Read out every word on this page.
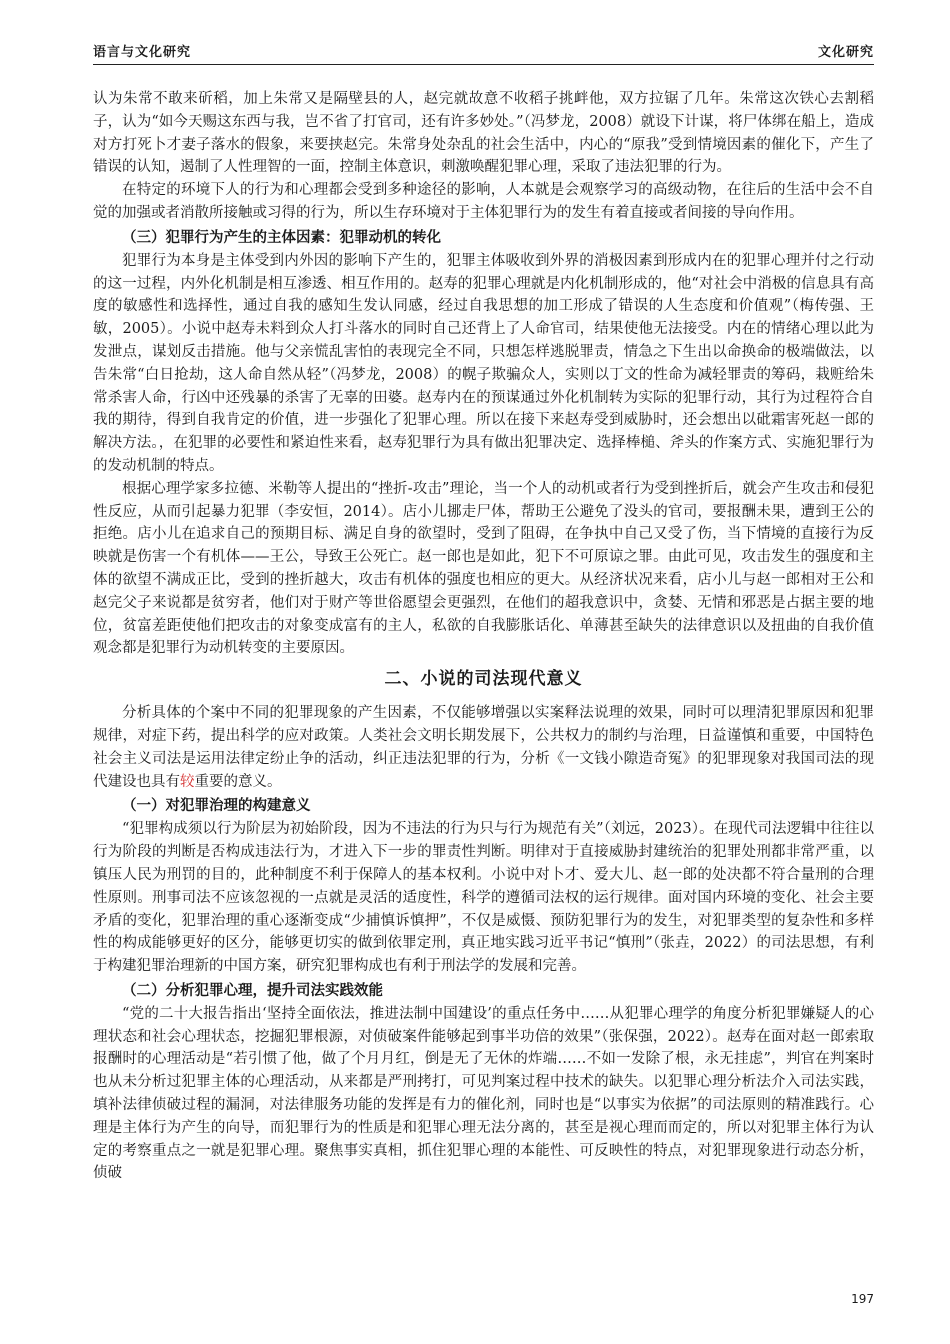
语言与文化研究	文化研究

认为朱常不敢来斫稻，加上朱常又是隔壁县的人，赵完就故意不收稻子挑衅他，双方拉锯了几年。朱常这次铁心去割稻子，认为“如今天赐这东西与我，岂不省了打官司，还有许多妙处。”（冯梦龙，2008）就设下计谋，将尸体绑在船上，造成对方打死卜才妻子落水的假象，来要挟赵完。朱常身处杂乱的社会生活中，内心的“原我”受到情境因素的催化下，产生了错误的认知，遏制了人性理智的一面，控制主体意识，刺激唤醒犯罪心理，采取了违法犯罪的行为。

在特定的环境下人的行为和心理都会受到多种途径的影响，人本就是会观察学习的高级动物，在往后的生活中会不自觉的加强或者消散所接触或习得的行为，所以生存环境对于主体犯罪行为的发生有着直接或者间接的导向作用。

（三）犯罪行为产生的主体因素：犯罪动机的转化

犯罪行为本身是主体受到内外因的影响下产生的，犯罪主体吸收到外界的消极因素到形成内在的犯罪心理并付之行动的这一过程，内外化机制是相互渗透、相互作用的。赵寿的犯罪心理就是内化机制形成的，他“对社会中消极的信息具有高度的敏感性和选择性，通过自我的感知生发认同感，经过自我思想的加工形成了错误的人生态度和价值观”（梅传强、王敏，2005）。小说中赵寿未料到众人打斗落水的同时自己还背上了人命官司，结果使他无法接受。内在的情绪心理以此为发泄点，谋划反击措施。他与父亲慌乱害怕的表现完全不同，只想怎样逃脱罪责，情急之下生出以命换命的极端做法，以告朱常“白日抢劫，这人命自然从轻”（冯梦龙，2008）的幌子欺骗众人，实则以丁文的性命为减轻罪责的筹码，栽赃给朱常杀害人命，行凶中还残暴的杀害了无辜的田婆。赵寿内在的预谋通过外化机制转为实际的犯罪行动，其行为过程符合自我的期待，得到自我肯定的价值，进一步强化了犯罪心理。所以在接下来赵寿受到威胁时，还会想出以砒霜害死赵一郎的解决方法。，在犯罪的必要性和紧迫性来看，赵寿犯罪行为具有做出犯罪决定、选择棒槌、斧头的作案方式、实施犯罪行为的发动机制的特点。

根据心理学家多拉德、米勒等人提出的“挫折-攻击”理论，当一个人的动机或者行为受到挫折后，就会产生攻击和侵犯性反应，从而引起暴力犯罪（李安恒，2014）。店小儿挪走尸体，帮助王公避免了没头的官司，要报酬未果，遭到王公的拒绝。店小儿在追求自己的预期目标、满足自身的欲望时，受到了阻碍，在争执中自己又受了伤，当下情境的直接行为反映就是伤害一个有机体——王公，导致王公死亡。赵一郎也是如此，犯下不可原谅之罪。由此可见，攻击发生的强度和主体的欲望不满成正比，受到的挫折越大，攻击有机体的强度也相应的更大。从经济状况来看，店小儿与赵一郎相对王公和赵完父子来说都是贫穷者，他们对于财产等世俗愿望会更强烈，在他们的超我意识中，贪婪、无情和邪恶是占据主要的地位，贫富差距使他们把攻击的对象变成富有的主人，私欲的自我膨胀话化、单薄甚至缺失的法律意识以及扭曲的自我价值观念都是犯罪行为动机转变的主要原因。

二、小说的司法现代意义

分析具体的个案中不同的犯罪现象的产生因素，不仅能够增强以实案释法说理的效果，同时可以理清犯罪原因和犯罪规律，对症下药，提出科学的应对政策。人类社会文明长期发展下，公共权力的制约与治理，日益谨慎和重要，中国特色社会主义司法是运用法律定纷止争的活动，纠正违法犯罪的行为，分析《一文钱小隙造奇冤》的犯罪现象对我国司法的现代建设也具有较重要的意义。

（一）对犯罪治理的构建意义

“犯罪构成须以行为阶层为初始阶段，因为不违法的行为只与行为规范有关”（刘远，2023）。在现代司法逻辑中往往以行为阶段的判断是否构成违法行为，才进入下一步的罪责性判断。明律对于直接威胁封建统治的犯罪处刑都非常严重，以镇压人民为刑罚的目的，此种制度不利于保障人的基本权利。小说中对卜才、爱大儿、赵一郎的处决都不符合量刑的合理性原则。刑事司法不应该忽视的一点就是灵活的适度性，科学的遵循司法权的运行规律。面对国内环境的变化、社会主要矛盾的变化，犯罪治理的重心逐渐变成“少捕慎诉慎押”，不仅是威慑、预防犯罪行为的发生，对犯罪类型的复杂性和多样性的构成能够更好的区分，能够更切实的做到依罪定刑，真正地实践习近平书记“慎刑”（张垚，2022）的司法思想，有利于构建犯罪治理新的中国方案，研究犯罪构成也有利于刑法学的发展和完善。

（二）分析犯罪心理，提升司法实践效能

“党的二十大报告指出‘坚持全面依法，推进法制中国建设’的重点任务中……从犯罪心理学的角度分析犯罪嫌疑人的心理状态和社会心理状态，挖掘犯罪根源，对侦破案件能够起到事半功倍的效果”（张保强，2022）。赵寿在面对赵一郎索取报酬时的心理活动是“若引惯了他，做了个月月红，倒是无了无休的炸端……不如一发除了根，永无挂虑”，判官在判案时也从未分析过犯罪主体的心理活动，从来都是严刑拷打，可见判案过程中技术的缺失。以犯罪心理分析法介入司法实践，填补法律侦破过程的漏洞，对法律服务功能的发挥是有力的催化剂，同时也是“以事实为依据”的司法原则的精准践行。心理是主体行为产生的向导，而犯罪行为的性质是和犯罪心理无法分离的，甚至是视心理而而定的，所以对犯罪主体行为认定的考察重点之一就是犯罪心理。聚焦事实真相，抓住犯罪心理的本能性、可反映性的特点，对犯罪现象进行动态分析，侦破

197
